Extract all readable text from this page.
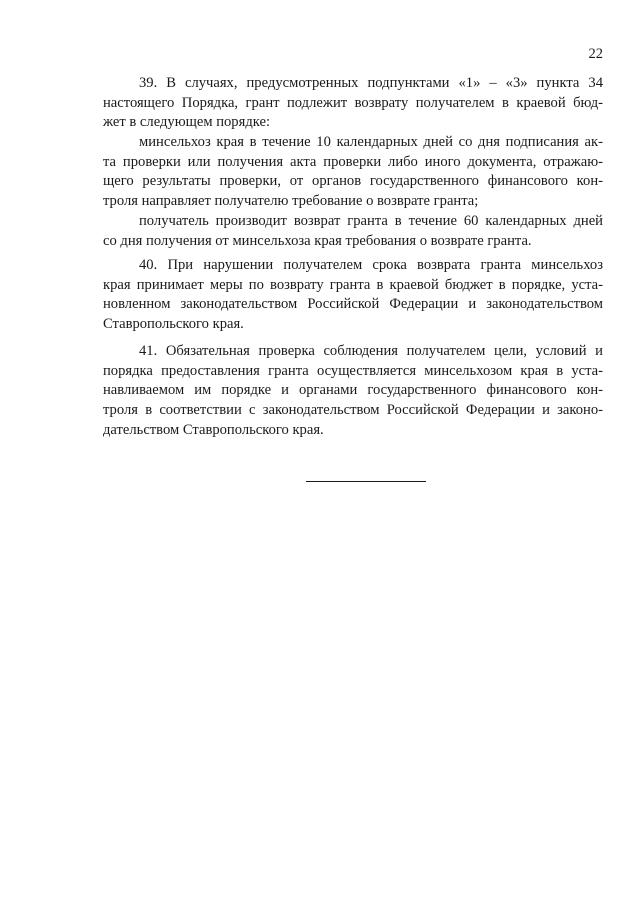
22
39. В случаях, предусмотренных подпунктами «1» – «3» пункта 34
настоящего Порядка, грант подлежит возврату получателем в краевой бюд-
жет в следующем порядке:
минсельхоз края в течение 10 календарных дней со дня подписания ак-
та проверки или получения акта проверки либо иного документа, отражаю-
щего результаты проверки, от органов государственного финансового кон-
троля направляет получателю требование о возврате гранта;
получатель производит возврат гранта в течение 60 календарных дней
со дня получения от минсельхоза края требования о возврате гранта.
40. При нарушении получателем срока возврата гранта минсельхоз
края принимает меры по возврату гранта в краевой бюджет в порядке, уста-
новленном законодательством Российской Федерации и законодательством
Ставропольского края.
41. Обязательная проверка соблюдения получателем цели, условий и
порядка предоставления гранта осуществляется минсельхозом края в уста-
навливаемом им порядке и органами государственного финансового кон-
троля в соответствии с законодательством Российской Федерации и законо-
дательством Ставропольского края.
